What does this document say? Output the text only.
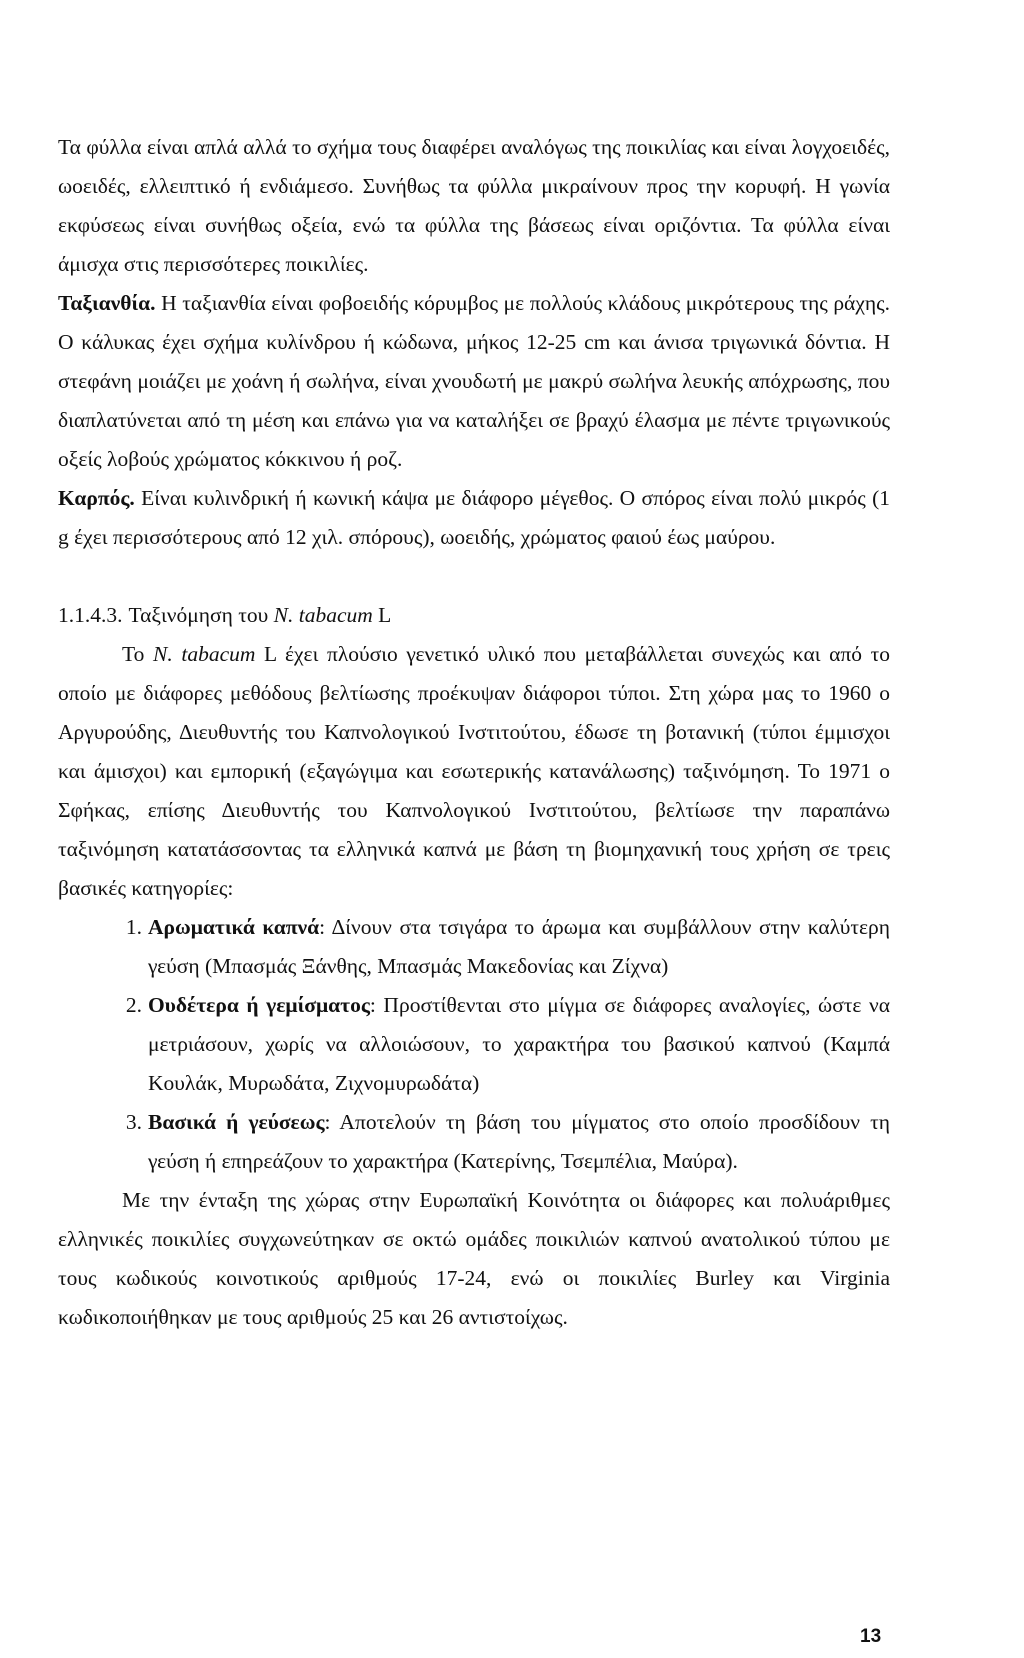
Τα φύλλα είναι απλά αλλά το σχήμα τους διαφέρει αναλόγως της ποικιλίας και είναι λογχοειδές, ωοειδές, ελλειπτικό ή ενδιάμεσο. Συνήθως τα φύλλα μικραίνουν προς την κορυφή. Η γωνία εκφύσεως είναι συνήθως οξεία, ενώ τα φύλλα της βάσεως είναι οριζόντια. Τα φύλλα είναι άμισχα στις περισσότερες ποικιλίες.

Ταξιανθία. Η ταξιανθία είναι φοβοειδής κόρυμβος με πολλούς κλάδους μικρότερους της ράχης. Ο κάλυκας έχει σχήμα κυλίνδρου ή κώδωνα, μήκος 12-25 cm και άνισα τριγωνικά δόντια. Η στεφάνη μοιάζει με χοάνη ή σωλήνα, είναι χνουδωτή με μακρύ σωλήνα λευκής απόχρωσης, που διαπλατύνεται από τη μέση και επάνω για να καταλήξει σε βραχύ έλασμα με πέντε τριγωνικούς οξείς λοβούς χρώματος κόκκινου ή ροζ.

Καρπός. Είναι κυλινδρική ή κωνική κάψα με διάφορο μέγεθος. Ο σπόρος είναι πολύ μικρός (1 g έχει περισσότερους από 12 χιλ. σπόρους), ωοειδής, χρώματος φαιού έως μαύρου.

1.1.4.3. Ταξινόμηση του N. tabacum L

Το N. tabacum L έχει πλούσιο γενετικό υλικό που μεταβάλλεται συνεχώς και από το οποίο με διάφορες μεθόδους βελτίωσης προέκυψαν διάφοροι τύποι. Στη χώρα μας το 1960 ο Αργυρούδης, Διευθυντής του Καπνολογικού Ινστιτούτου, έδωσε τη βοτανική (τύποι έμμισχοι και άμισχοι) και εμπορική (εξαγώγιμα και εσωτερικής κατανάλωσης) ταξινόμηση. Το 1971 ο Σφήκας, επίσης Διευθυντής του Καπνολογικού Ινστιτούτου, βελτίωσε την παραπάνω ταξινόμηση κατατάσσοντας τα ελληνικά καπνά με βάση τη βιομηχανική τους χρήση σε τρεις βασικές κατηγορίες:

1. Αρωματικά καπνά: Δίνουν στα τσιγάρα το άρωμα και συμβάλλουν στην καλύτερη γεύση (Μπασμάς Ξάνθης, Μπασμάς Μακεδονίας και Ζίχνα)
2. Ουδέτερα ή γεμίσματος: Προστίθενται στο μίγμα σε διάφορες αναλογίες, ώστε να μετριάσουν, χωρίς να αλλοιώσουν, το χαρακτήρα του βασικού καπνού (Καμπά Κουλάκ, Μυρωδάτα, Ζιχνομυρωδάτα)
3. Βασικά ή γεύσεως: Αποτελούν τη βάση του μίγματος στο οποίο προσδίδουν τη γεύση ή επηρεάζουν το χαρακτήρα (Κατερίνης, Τσεμπέλια, Μαύρα).

Με την ένταξη της χώρας στην Ευρωπαϊκή Κοινότητα οι διάφορες και πολυάριθμες ελληνικές ποικιλίες συγχωνεύτηκαν σε οκτώ ομάδες ποικιλιών καπνού ανατολικού τύπου με τους κωδικούς κοινοτικούς αριθμούς 17-24, ενώ οι ποικιλίες Burley και Virginia κωδικοποιήθηκαν με τους αριθμούς 25 και 26 αντιστοίχως.

13
